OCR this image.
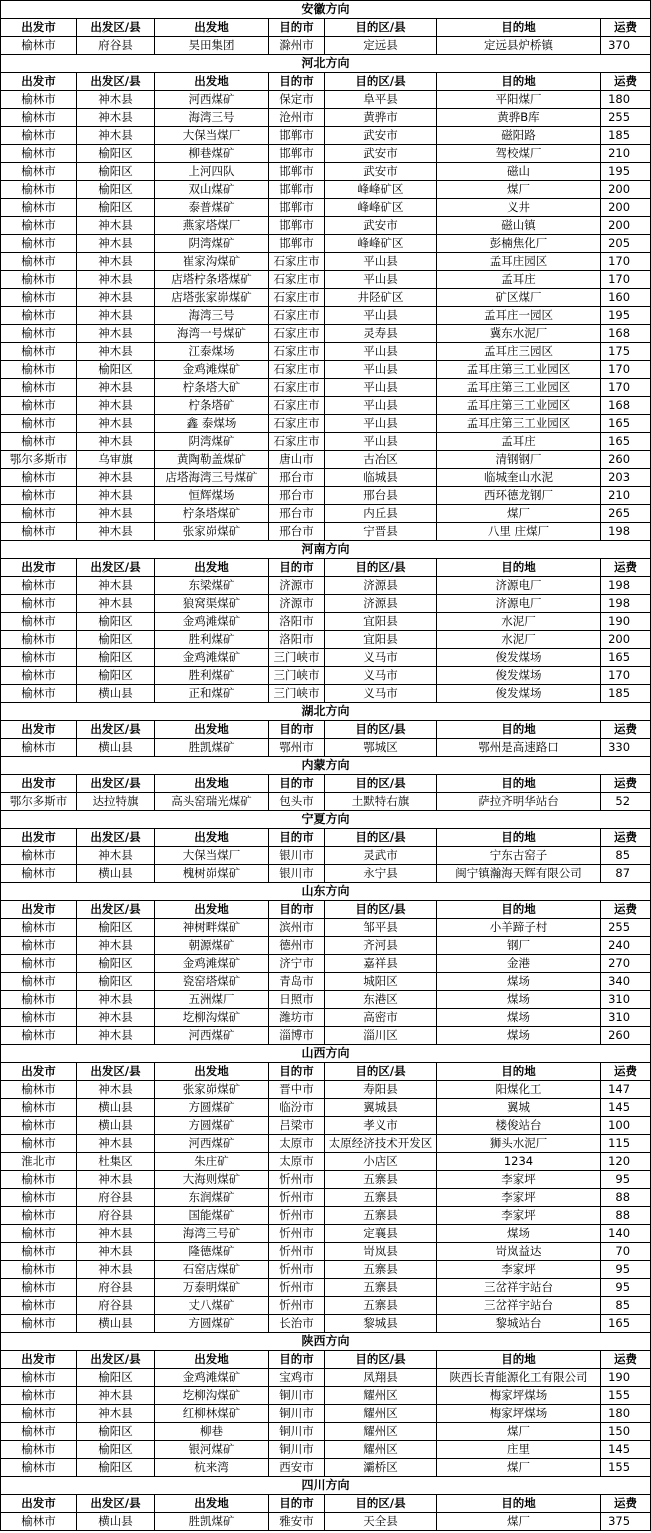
安徽方向						
出发市	出发区/县	出发地	目的市	目的区/县	目的地	运费
榆林市	府谷县	昊田集团	滁州市	定远县	定远县炉桥镇	370
河北方向						
出发市	出发区/县	出发地	目的市	目的区/县	目的地	运费
榆林市	神木县	河西煤矿	保定市	阜平县	平阳煤厂	180
榆林市	神木县	海湾三号	沧州市	黄骅市	黄骅B库	255
榆林市	神木县	大保当煤厂	邯郸市	武安市	磁阳路	185
榆林市	榆阳区	柳巷煤矿	邯郸市	武安市	驾校煤厂	210
榆林市	榆阳区	上河四队	邯郸市	武安市	磁山	195
榆林市	榆阳区	双山煤矿	邯郸市	峰峰矿区	煤厂	200
榆林市	榆阳区	泰普煤矿	邯郸市	峰峰矿区	义井	200
榆林市	神木县	燕家塔煤厂	邯郸市	武安市	磁山镇	200
榆林市	神木县	阴湾煤矿	邯郸市	峰峰矿区	彭楠焦化厂	205
榆林市	神木县	崔家沟煤矿	石家庄市	平山县	孟耳庄园区	170
榆林市	神木县	店塔柠条塔煤矿	石家庄市	平山县	孟耳庄	170
榆林市	神木县	店塔张家峁煤矿	石家庄市	井陉矿区	矿区煤厂	160
榆林市	神木县	海湾三号	石家庄市	平山县	孟耳庄一园区	195
榆林市	神木县	海湾一号煤矿	石家庄市	灵寿县	冀东水泥厂	168
榆林市	神木县	江泰煤场	石家庄市	平山县	孟耳庄三园区	175
榆林市	榆阳区	金鸡滩煤矿	石家庄市	平山县	孟耳庄第三工业园区	170
榆林市	神木县	柠条塔大矿	石家庄市	平山县	孟耳庄第三工业园区	170
榆林市	神木县	柠条塔矿	石家庄市	平山县	孟耳庄第三工业园区	168
榆林市	神木县	鑫 泰煤场	石家庄市	平山县	孟耳庄第三工业园区	165
榆林市	神木县	阴湾煤矿	石家庄市	平山县	孟耳庄	165
鄂尔多斯市	乌审旗	黄陶勒盖煤矿	唐山市	古冶区	清钢钢厂	260
榆林市	神木县	店塔海湾三号煤矿	邢台市	临城县	临城奎山水泥	203
榆林市	神木县	恒辉煤场	邢台市	邢台县	西环德龙钢厂	210
榆林市	神木县	柠条塔煤矿	邢台市	内丘县	煤厂	265
榆林市	神木县	张家峁煤矿	邢台市	宁晋县	八里 庄煤厂	198
河南方向						
出发市	出发区/县	出发地	目的市	目的区/县	目的地	运费
榆林市	神木县	东梁煤矿	济源市	济源县	济源电厂	198
榆林市	神木县	狼窝渠煤矿	济源市	济源县	济源电厂	198
榆林市	榆阳区	金鸡滩煤矿	洛阳市	宜阳县	水泥厂	190
榆林市	榆阳区	胜利煤矿	洛阳市	宜阳县	水泥厂	200
榆林市	榆阳区	金鸡滩煤矿	三门峡市	义马市	俊发煤场	165
榆林市	榆阳区	胜利煤矿	三门峡市	义马市	俊发煤场	170
榆林市	横山县	正和煤矿	三门峡市	义马市	俊发煤场	185
湖北方向						
出发市	出发区/县	出发地	目的市	目的区/县	目的地	运费
榆林市	横山县	胜凯煤矿	鄂州市	鄂城区	鄂州是高速路口	330
内蒙方向						
出发市	出发区/县	出发地	目的市	目的区/县	目的地	运费
鄂尔多斯市	达拉特旗	高头窑瑞光煤矿	包头市	土默特右旗	萨拉齐明华站台	52
宁夏方向						
出发市	出发区/县	出发地	目的市	目的区/县	目的地	运费
榆林市	神木县	大保当煤厂	银川市	灵武市	宁东古窑子	85
榆林市	横山县	槐树峁煤矿	银川市	永宁县	闽宁镇瀚海天辉有限公司	87
山东方向						
出发市	出发区/县	出发地	目的市	目的区/县	目的地	运费
榆林市	榆阳区	神树畔煤矿	滨州市	邹平县	小羊蹄子村	255
榆林市	神木县	朝源煤矿	德州市	齐河县	钢厂	240
榆林市	榆阳区	金鸡滩煤矿	济宁市	嘉祥县	金港	270
榆林市	榆阳区	瓷窑塔煤矿	青岛市	城阳区	煤场	340
榆林市	神木县	五洲煤厂	日照市	东港区	煤场	310
榆林市	神木县	圪柳沟煤矿	潍坊市	高密市	煤场	310
榆林市	神木县	河西煤矿	淄博市	淄川区	煤场	260
山西方向						
出发市	出发区/县	出发地	目的市	目的区/县	目的地	运费
榆林市	神木县	张家峁煤矿	晋中市	寿阳县	阳煤化工	147
榆林市	横山县	方圆煤矿	临汾市	翼城县	翼城	145
榆林市	横山县	方圆煤矿	吕梁市	孝义市	楼俊站台	100
榆林市	神木县	河西煤矿	太原市	太原经济技术开发区	狮头水泥厂	115
淮北市	杜集区	朱庄矿	太原市	小店区	1234	120
榆林市	神木县	大海则煤矿	忻州市	五寨县	李家坪	95
榆林市	府谷县	东润煤矿	忻州市	五寨县	李家坪	88
榆林市	府谷县	国能煤矿	忻州市	五寨县	李家坪	88
榆林市	神木县	海湾三号矿	忻州市	定襄县	煤场	140
榆林市	神木县	隆德煤矿	忻州市	岢岚县	岢岚益达	70
榆林市	神木县	石窑店煤矿	忻州市	五寨县	李家坪	95
榆林市	府谷县	万泰明煤矿	忻州市	五寨县	三岔祥宇站台	95
榆林市	府谷县	丈八煤矿	忻州市	五寨县	三岔祥宇站台	85
榆林市	横山县	方圆煤矿	长治市	黎城县	黎城站台	165
陕西方向						
出发市	出发区/县	出发地	目的市	目的区/县	目的地	运费
榆林市	榆阳区	金鸡滩煤矿	宝鸡市	凤翔县	陕西长青能源化工有限公司	190
榆林市	神木县	圪柳沟煤矿	铜川市	耀州区	梅家坪煤场	155
榆林市	神木县	红柳林煤矿	铜川市	耀州区	梅家坪煤场	180
榆林市	榆阳区	柳巷	铜川市	耀州区	煤厂	150
榆林市	榆阳区	银河煤矿	铜川市	耀州区	庄里	145
榆林市	榆阳区	杭来湾	西安市	灞桥区	煤厂	155
四川方向						
出发市	出发区/县	出发地	目的市	目的区/县	目的地	运费
榆林市	横山县	胜凯煤矿	雅安市	天全县	煤厂	375
